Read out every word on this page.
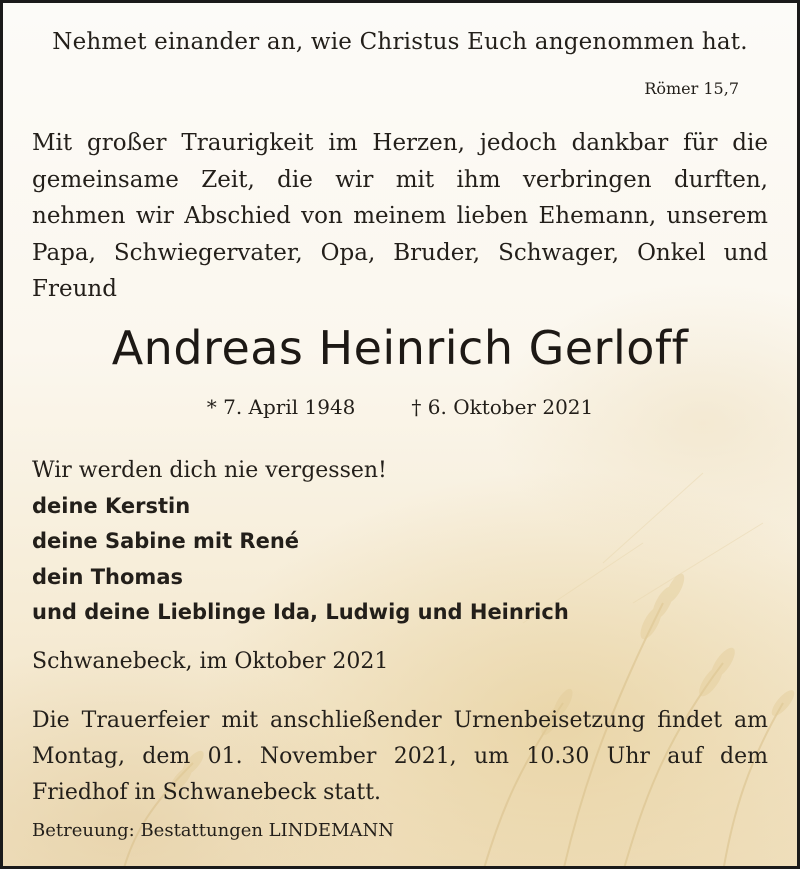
Nehmet einander an, wie Christus Euch angenommen hat.

Römer 15,7

Mit großer Traurigkeit im Herzen, jedoch dankbar für die gemeinsame Zeit, die wir mit ihm verbringen durften, nehmen wir Abschied von meinem lieben Ehemann, unserem Papa, Schwiegervater, Opa, Bruder, Schwager, Onkel und Freund

Andreas Heinrich Gerloff
* 7. April 1948	† 6. Oktober 2021
Wir werden dich nie vergessen!
deine Kerstin
deine Sabine mit René
dein Thomas
und deine Lieblinge Ida, Ludwig und Heinrich

Schwanebeck, im Oktober 2021

Die Trauerfeier mit anschließender Urnenbeisetzung findet am Montag, dem 01. November 2021, um 10.30 Uhr auf dem Friedhof in Schwanebeck statt.

Betreuung: Bestattungen LINDEMANN
